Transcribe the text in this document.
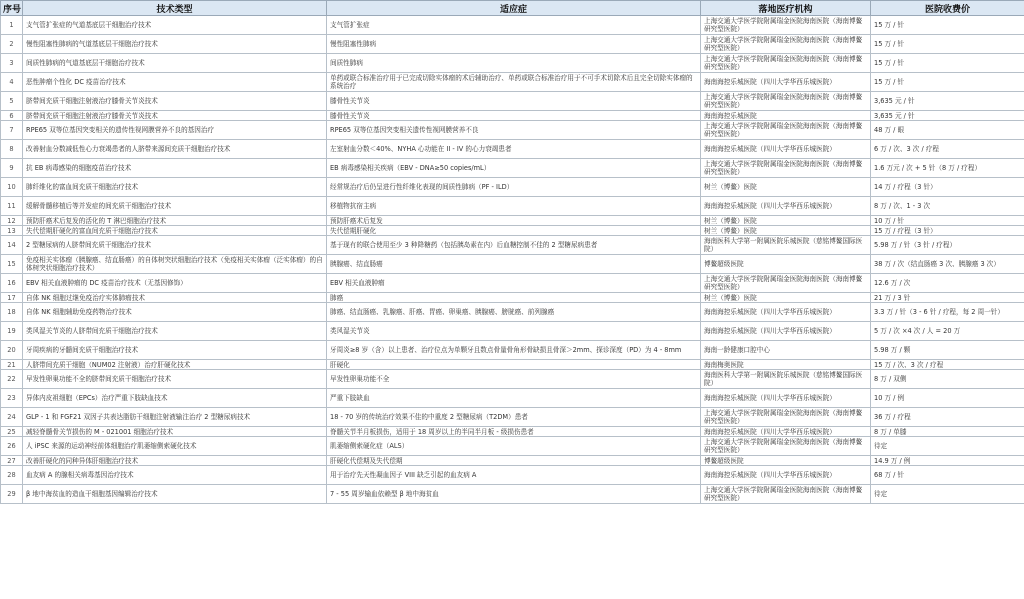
序号	技术类型	适应症	落地医疗机构	医院收费价
1	支气管扩张症的气道基底层干细胞治疗技术	支气管扩张症	上海交通大学医学院附属瑞金医院海南医院（海南博鳌研究型医院）	15 万 / 针
2	慢性阻塞性肺病的气道基底层干细胞治疗技术	慢性阻塞性肺病	上海交通大学医学院附属瑞金医院海南医院（海南博鳌研究型医院）	15 万 / 针
3	间质性肺病的气道基底层干细胞治疗技术	间质性肺病	上海交通大学医学院附属瑞金医院海南医院（海南博鳌研究型医院）	15 万 / 针
4	恶性肿瘤个性化 DC 疫苗治疗技术	单药或联合标准治疗用于已完成切除实体瘤的术后辅助治疗、单药或联合标准治疗用于不可手术切除术后且完全切除实体瘤的系统治疗	海南海控乐城医院（四川大学华西乐城医院）	15 万 / 针
5	脐带间充质干细胞注射液治疗膝骨关节炎技术	膝骨性关节炎	上海交通大学医学院附属瑞金医院海南医院（海南博鳌研究型医院）	3,635 元 / 针
6	脐带间充质干细胞注射液治疗膝骨关节炎技术	膝骨性关节炎	海南海控乐城医院	3,635 元 / 针
7	RPE65 双等位基因突变相关的遗传性视网膜营养不良的基因治疗	RPE65 双等位基因突变相关遗传性视网膜营养不良	上海交通大学医学院附属瑞金医院海南医院（海南博鳌研究型医院）	48 万 / 眼
8	改善射血分数减低性心力衰竭患者的人脐带来源间充质干细胞治疗技术	左室射血分数＜40%、NYHA 心功能在 II - IV 的心力衰竭患者	海南海控乐城医院（四川大学华西乐城医院）	6 万 / 次、3 次 / 疗程
9	抗 EB 病毒感染的细胞疫苗治疗技术	EB 病毒感染相关疾病（EBV - DNA≥50 copies/mL）	上海交通大学医学院附属瑞金医院海南医院（海南博鳌研究型医院）	1.6 万元 / 次 + 5 针（8 万 / 疗程）
10	肺纤维化的富血间充质干细胞治疗技术	经常规治疗后仍呈进行性纤维化表现的间质性肺病（PF - ILD）	树兰（博鳌）医院	14 万 / 疗程（3 针）
11	缓解骨髓移植后等并发症的间充质干细胞治疗技术	移植物抗宿主病	海南海控乐城医院（四川大学华西乐城医院）	8 万 / 次、1 - 3 次
12	预防肝癌术后复发的活化的 T 淋巴细胞治疗技术	预防肝癌术后复发	树兰（博鳌）医院	10 万 / 针
13	失代偿期肝硬化的富血间充质干细胞治疗技术	失代偿期肝硬化	树兰（博鳌）医院	15 万 / 疗程（3 针）
14	2 型糖尿病的人脐带间充质干细胞治疗技术	基于现有的联合使用至少 3 种降糖药（包括胰岛素在内）后血糖控制不佳的 2 型糖尿病患者	海南医科大学第一附属医院乐城医院（慈铭博鳌国际医院）	5.98 万 / 针（3 针 / 疗程）
15	免疫相关实体瘤（胰腺癌、结直肠癌）的自体树突状细胞治疗技术（免疫相关实体瘤（泛实体瘤）的自体树突状细胞治疗技术）	胰腺癌、结直肠癌	博鳌超级医院	38 万 / 次（结直肠癌 3 次、胰腺癌 3 次）
16	EBV 相关血液肿瘤的 DC 疫苗治疗技术（无基因修饰）	EBV 相关血液肿瘤	上海交通大学医学院附属瑞金医院海南医院（海南博鳌研究型医院）	12.6 万 / 次
17	自体 NK 细胞过继免疫治疗实体肺瘤技术	肺癌	树兰（博鳌）医院	21 万 / 3 针
18	自体 NK 细胞辅助免疫药物治疗技术	肺癌、结直肠癌、乳腺癌、肝癌、胃癌、卵巢癌、胰腺癌、膀胱癌、前列腺癌	海南海控乐城医院（四川大学华西乐城医院）	3.3 万 / 针（3 - 6 针 / 疗程，每 2 周一针）
19	类风湿关节炎的人脐带间充质干细胞治疗技术	类风湿关节炎	海南海控乐城医院（四川大学华西乐城医院）	5 万 / 次 ×4 次 / 人 = 20 万
20	牙周疾病的牙髓间充质干细胞治疗技术	牙周炎≥8 岁（含）以上患者、治疗位点为单颗牙且数点骨量骨角形骨缺损且骨深＞2mm、探诊深度（PD）为 4 - 8mm	海南一龄健康口腔中心	5.98 万 / 颗
21	人脐带间充质干细胞（NUM02 注射液）治疗肝硬化技术	肝硬化	海南梅奥医院	15 万 / 次、3 次 / 疗程
22	早发性卵巢功能不全的脐带间充质干细胞治疗技术	早发性卵巢功能不全	海南医科大学第一附属医院乐城医院（慈铭博鳌国际医院）	8 万 / 双侧
23	异体内皮祖细胞（EPCs）治疗严重下肢缺血技术	严重下肢缺血	海南海控乐城医院（四川大学华西乐城医院）	10 万 / 例
24	GLP - 1 和 FGF21 双因子共表达脂肪干细胞注射液输注治疗 2 型糖尿病技术	18 - 70 岁的传统治疗效果不佳的中重度 2 型糖尿病（T2DM）患者	上海交通大学医学院附属瑞金医院海南医院（海南博鳌研究型医院）	36 万 / 疗程
25	减轻脊髓骨关节损伤的 M - 021001 细胞治疗技术	脊髓关节半月板损伤，适用于 18 周岁以上的半同半月板 - 级损伤患者	海南海控乐城医院（四川大学华西乐城医院）	8 万 / 单膝
26	人 iPSC 来源的运动神经前体细胞治疗肌萎缩侧索硬化技术	肌萎缩侧索硬化症（ALS）	上海交通大学医学院附属瑞金医院海南医院（海南博鳌研究型医院）	待定
27	改善肝硬化的同种异体肝细胞治疗技术	肝硬化代偿期及失代偿期	博鳌超级医院	14.9 万 / 例
28	血友病 A 的腺相关病毒基因治疗技术	用于治疗先天性凝血因子 VIII 缺乏引起的血友病 A	海南海控乐城医院（四川大学华西乐城医院）	68 万 / 针
29	β 地中海贫血的造血干细胞基因编辑治疗技术	7 - 55 周岁输血依赖型 β 地中海贫血	上海交通大学医学院附属瑞金医院海南医院（海南博鳌研究型医院）	待定
